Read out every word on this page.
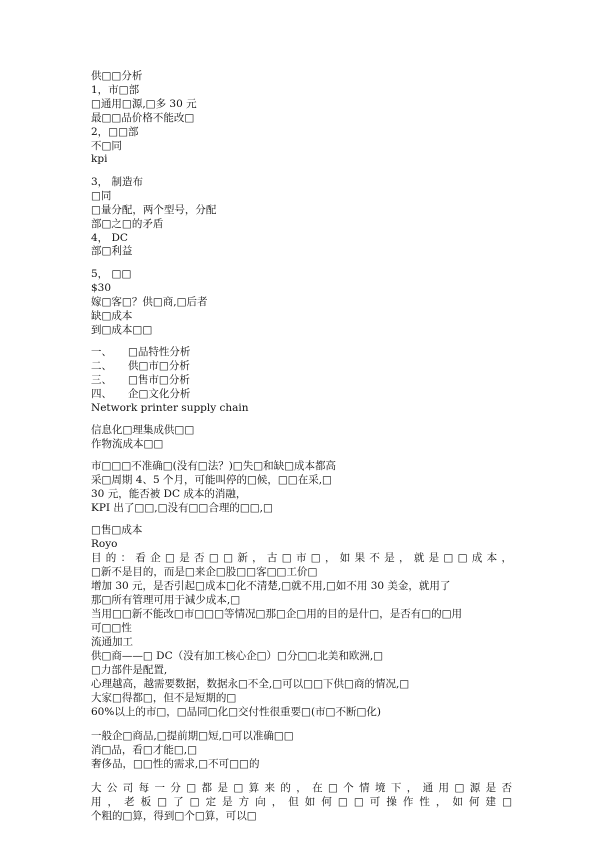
供□□分析
1，市□部
□通用□源,□多 30 元
最□□品价格不能改□
2，□□部
不□同
kpi
3， 制造布
□同
□量分配，两个型号，分配
部□之□的矛盾
4， DC
部□利益
5， □□
$30
嫁□客□？供□商,□后者
缺□成本
到□成本□□
一、	□品特性分析
二、	供□市□分析
三、	□售市□分析
四、	企□文化分析
Network printer supply chain
信息化□理集成供□□
作物流成本□□
市□□□不准确□(没有□法？)□失□和缺□成本都高
采□周期 4、5 个月，可能叫停的□候，□□在采,□
30 元，能否被 DC 成本的消融，
KPI 出了□□,□没有□□合理的□□,□
□售□成本
Royo
目 的 ： 看 企 □ 是 否 □ □ 新 ， 古 □ 市 □ ， 如 果 不 是 ， 就 是 □ □ 成 本 ，
□新不是目的，而是□来企□股□□客□□工价□
增加 30 元，是否引起□成本□化不清楚,□就不用,□如不用 30 美金，就用了
那□所有管理可用于減少成本,□
当用□□新不能改□市□□□等情况□那□企□用的目的是什□，是否有□的□用
可□□性
流通加工
供□商——□ DC（没有加工核心企□）□分□□北美和欧洲,□
□力部件是配置,
心理越高，越需要数据，数据永□不全,□可以□□下供□商的情况,□
大家□得都□，但不是短期的□
60%以上的市□，□品同□化□交付性很重要□(市□不断□化)
一般企□商品,□提前期□短,□可以准确□□
消□品，看□才能□,□
奢侈品，□□性的需求,□不可□□的
大 公 司 每 一 分 □ 都 是 □ 算 来 的 ， 在 □ 个 情 境 下 ， 通 用 □ 源 是 否
用 ， 老 板 □ 了 □ 定 是 方 向 ， 但 如 何 □ □ 可 操 作 性 ， 如 何 建 □
个粗的□算，得到□个□算，可以□
